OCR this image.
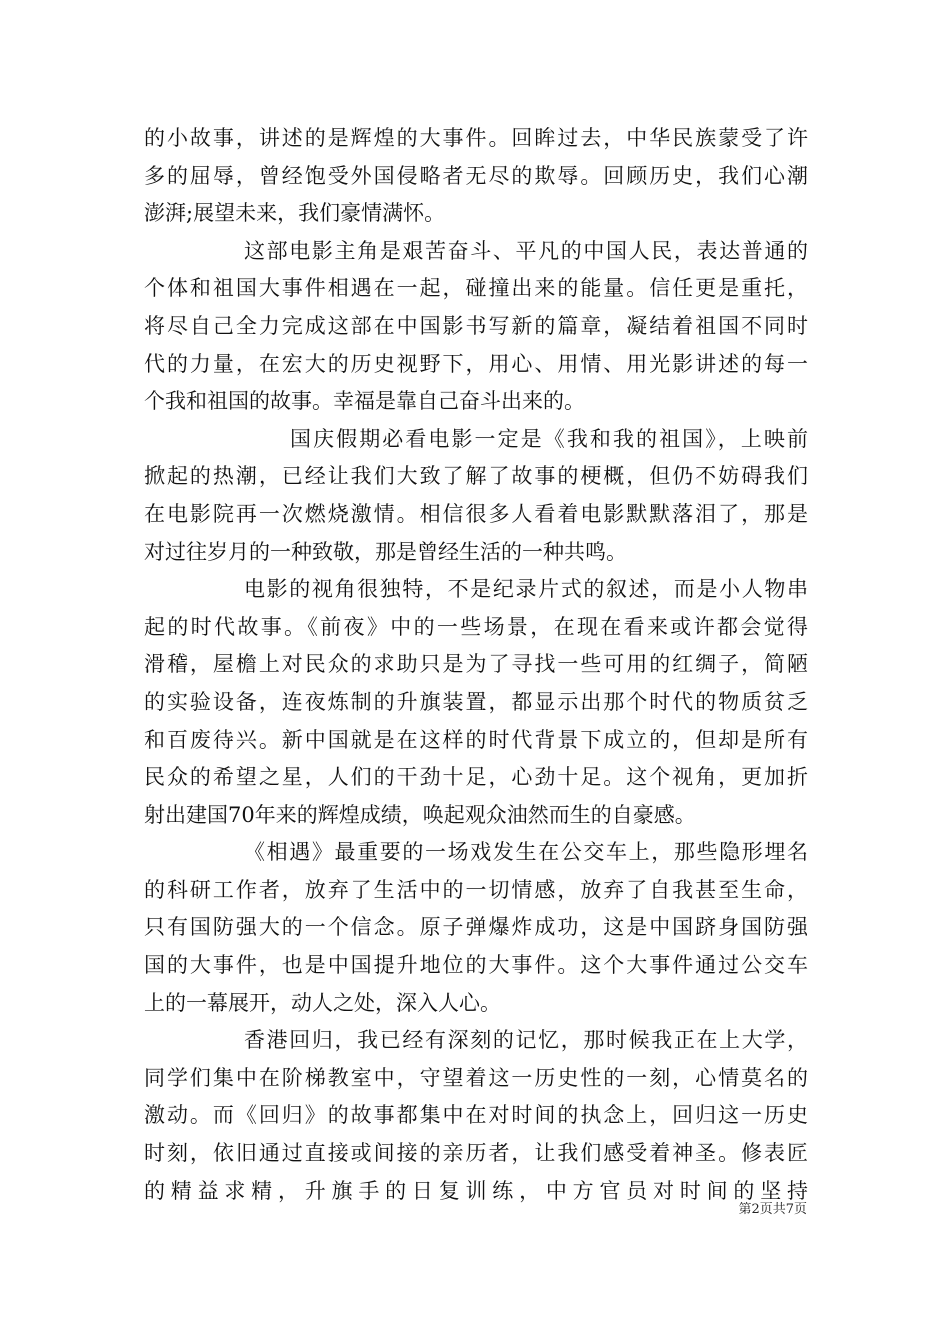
的小故事，讲述的是辉煌的大事件。回眸过去，中华民族蒙受了许
多的屈辱，曾经饱受外国侵略者无尽的欺辱。回顾历史，我们心潮
澎湃;展望未来，我们豪情满怀。
这部电影主角是艰苦奋斗、平凡的中国人民，表达普通的
个体和祖国大事件相遇在一起，碰撞出来的能量。信任更是重托，
将尽自己全力完成这部在中国影书写新的篇章，凝结着祖国不同时
代的力量，在宏大的历史视野下，用心、用情、用光影讲述的每一
个我和祖国的故事。幸福是靠自己奋斗出来的。
国庆假期必看电影一定是《我和我的祖国》，上映前
掀起的热潮，已经让我们大致了解了故事的梗概，但仍不妨碍我们
在电影院再一次燃烧激情。相信很多人看着电影默默落泪了，那是
对过往岁月的一种致敬，那是曾经生活的一种共鸣。
电影的视角很独特，不是纪录片式的叙述，而是小人物串
起的时代故事。《前夜》中的一些场景，在现在看来或许都会觉得
滑稽，屋檐上对民众的求助只是为了寻找一些可用的红绸子，简陋
的实验设备，连夜炼制的升旗装置，都显示出那个时代的物质贫乏
和百废待兴。新中国就是在这样的时代背景下成立的，但却是所有
民众的希望之星，人们的干劲十足，心劲十足。这个视角，更加折
射出建国70年来的辉煌成绩，唤起观众油然而生的自豪感。
《相遇》最重要的一场戏发生在公交车上，那些隐形埋名
的科研工作者，放弃了生活中的一切情感，放弃了自我甚至生命，
只有国防强大的一个信念。原子弹爆炸成功，这是中国跻身国防强
国的大事件，也是中国提升地位的大事件。这个大事件通过公交车
上的一幕展开，动人之处，深入人心。
香港回归，我已经有深刻的记忆，那时候我正在上大学，
同学们集中在阶梯教室中，守望着这一历史性的一刻，心情莫名的
激动。而《回归》的故事都集中在对时间的执念上，回归这一历史
时刻，依旧通过直接或间接的亲历者，让我们感受着神圣。修表匠
的精益求精，升旗手的日复训练，中方官员对时间的坚持
第2页共7页
